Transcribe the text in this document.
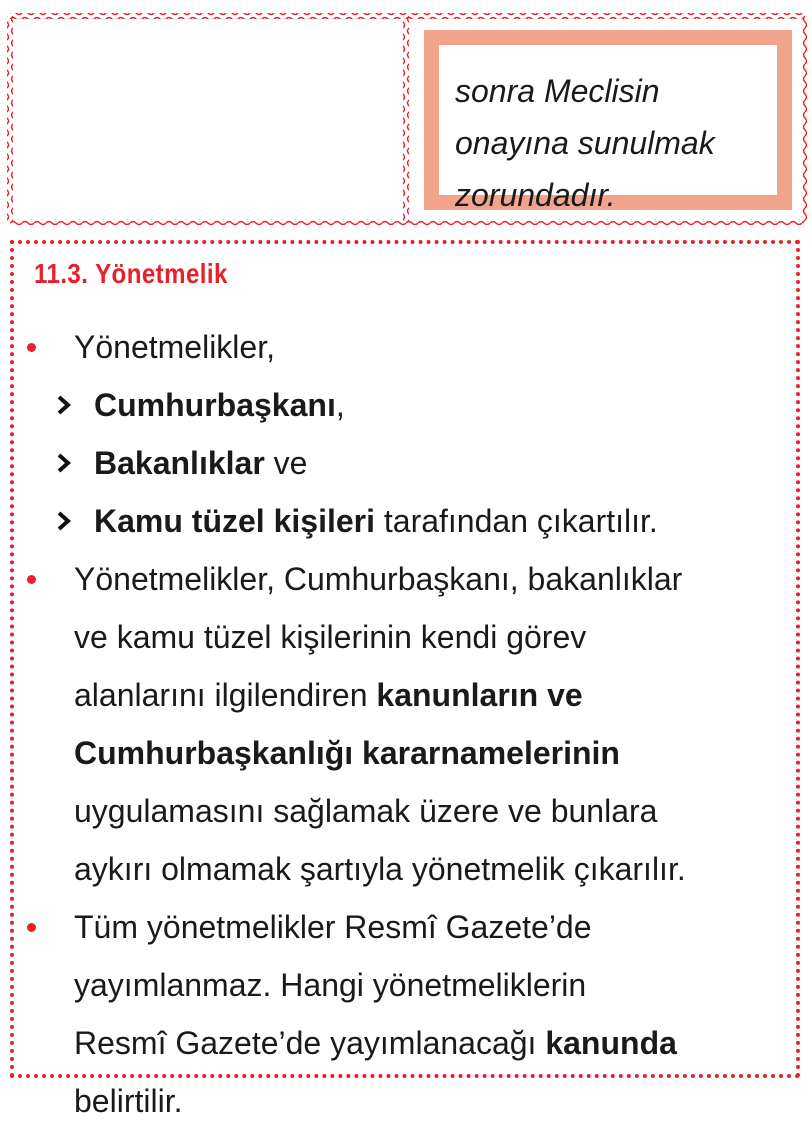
sonra Meclisin
onayına sunulmak
zorundadır.
11.3. Yönetmelik
Yönetmelikler,
Cumhurbaşkanı,
Bakanlıklar ve
Kamu tüzel kişileri tarafından çıkartılır.
Yönetmelikler, Cumhurbaşkanı, bakanlıklar
ve kamu tüzel kişilerinin kendi görev
alanlarını ilgilendiren kanunların ve
Cumhurbaşkanlığı kararnamelerinin
uygulamasını sağlamak üzere ve bunlara
aykırı olmamak şartıyla yönetmelik çıkarılır.
Tüm yönetmelikler Resmî Gazete’de
yayımlanmaz. Hangi yönetmeliklerin
Resmî Gazete’de yayımlanacağı kanunda
belirtilir.
